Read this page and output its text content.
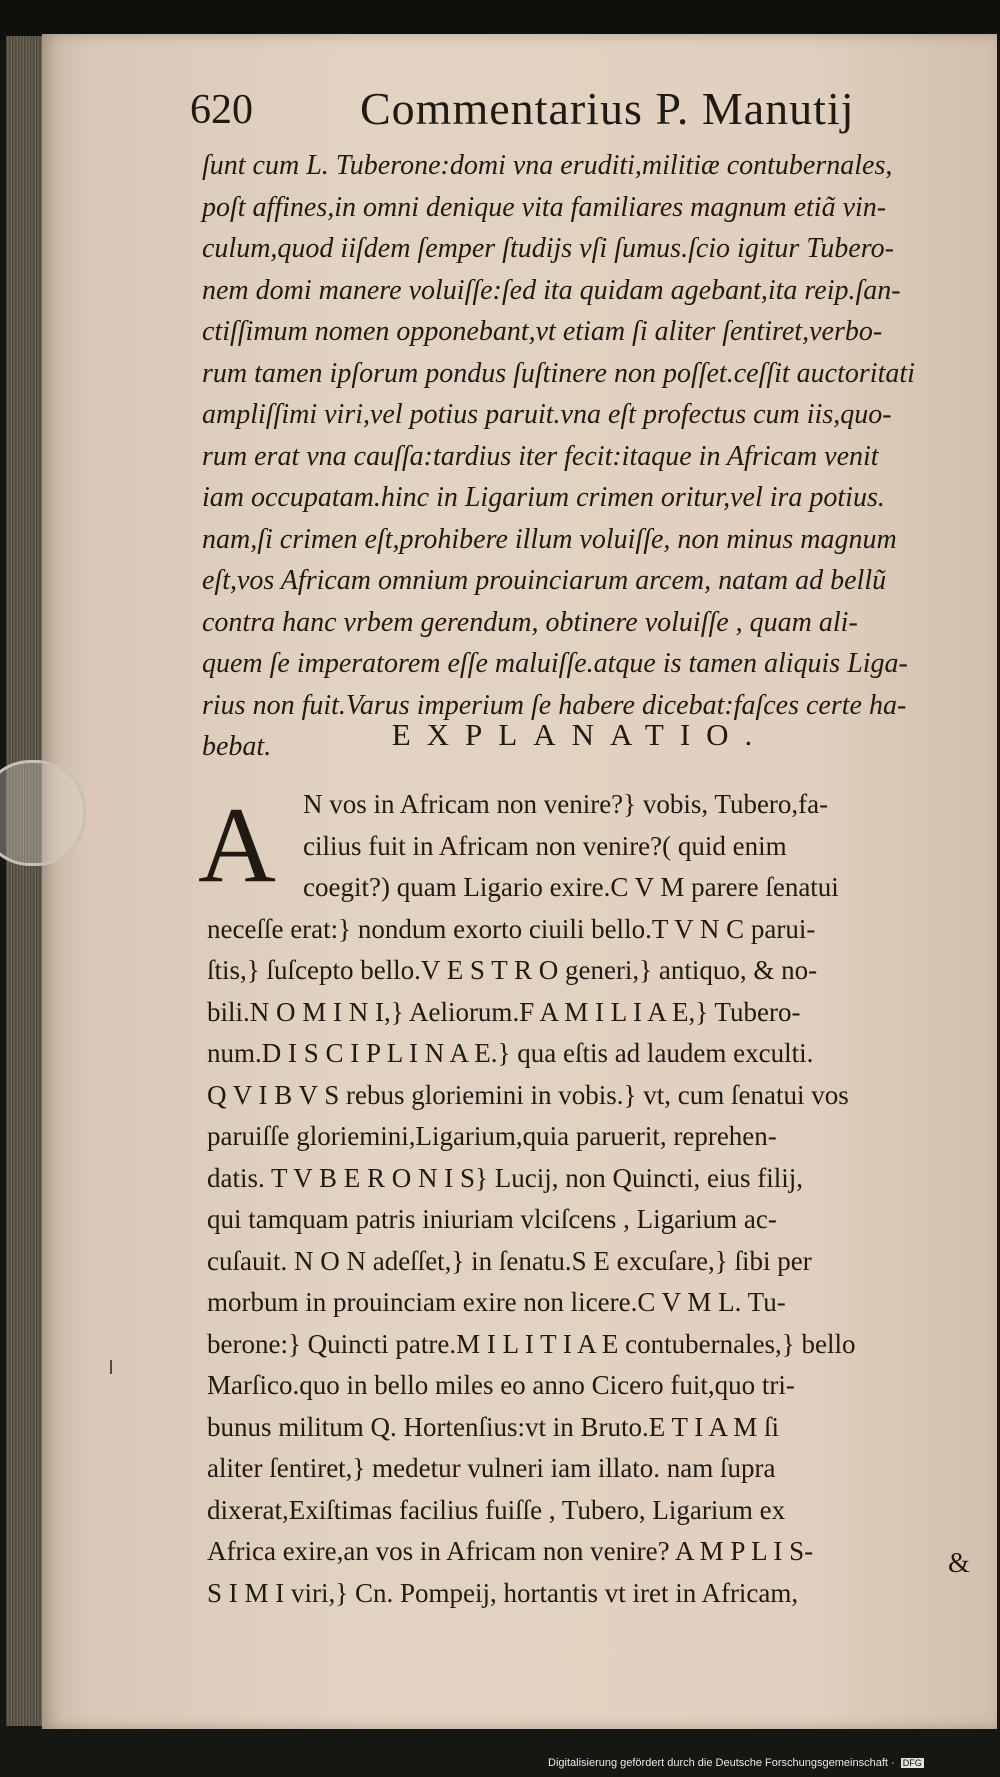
620 Commentarius P. Manutij
ſunt cum L. Tuberone:domi vna eruditi,militiæ contubernales,
poſt affines,in omni denique vita familiares magnum etiã vin-
culum,quod iiſdem ſemper ſtudijs vſi ſumus.ſcio igitur Tubero-
nem domi manere voluiſſe:ſed ita quidam agebant,ita reip.ſan-
ctiſſimum nomen opponebant,vt etiam ſi aliter ſentiret,verbo-
rum tamen ipſorum pondus ſuſtinere non poſſet.ceſſit auctoritati
ampliſſimi viri,vel potius paruit.vna eſt profectus cum iis,quo-
rum erat vna cauſſa:tardius iter fecit:itaque in Africam venit
iam occupatam.hinc in Ligarium crimen oritur,vel ira potius.
nam,ſi crimen eſt,prohibere illum voluiſſe, non minus magnum
eſt,vos Africam omnium prouinciarum arcem, natam ad bellũ
contra hanc vrbem gerendum, obtinere voluiſſe , quam ali-
quem ſe imperatorem eſſe maluiſſe.atque is tamen aliquis Liga-
rius non fuit.Varus imperium ſe habere dicebat:faſces certe ha-
bebat.	EXPLANATIO.
A	N vos in Africam non venire?} vobis, Tubero,fa-
cilius fuit in Africam non venire?( quid enim
coegit?) quam Ligario exire.C V M parere ſenatui
neceſſe erat:} nondum exorto ciuili bello.T V N C parui-
ſtis,} ſuſcepto bello.V E S T R O generi,} antiquo, & no-
bili.N O M I N I,} Aeliorum.F A M I L I A E,} Tubero-
num.D I S C I P L I N A E.} qua eſtis ad laudem exculti.
Q V I B V S rebus gloriemini in vobis.} vt, cum ſenatui vos
paruiſſe gloriemini,Ligarium,quia paruerit, reprehen-
datis. T V B E R O N I S} Lucij, non Quincti, eius filij,
qui tamquam patris iniuriam vlciſcens , Ligarium ac-
cuſauit. N O N adeſſet,} in ſenatu.S E excuſare,} ſibi per
morbum in prouinciam exire non licere.C V M L. Tu-
berone:} Quincti patre.M I L I T I A E contubernales,} bello
Marſico.quo in bello miles eo anno Cicero fuit,quo tri-
bunus militum Q. Hortenſius:vt in Bruto.E T I A M ſi
aliter ſentiret,} medetur vulneri iam illato. nam ſupra
dixerat,Exiſtimas facilius fuiſſe , Tubero, Ligarium ex
Africa exire,an vos in Africam non venire? A M P L I S-
S I M I viri,} Cn. Pompeij, hortantis vt iret in Africam,
&
Digitalisierung gefördert durch die Deutsche Forschungsgemeinschaft · DFG
